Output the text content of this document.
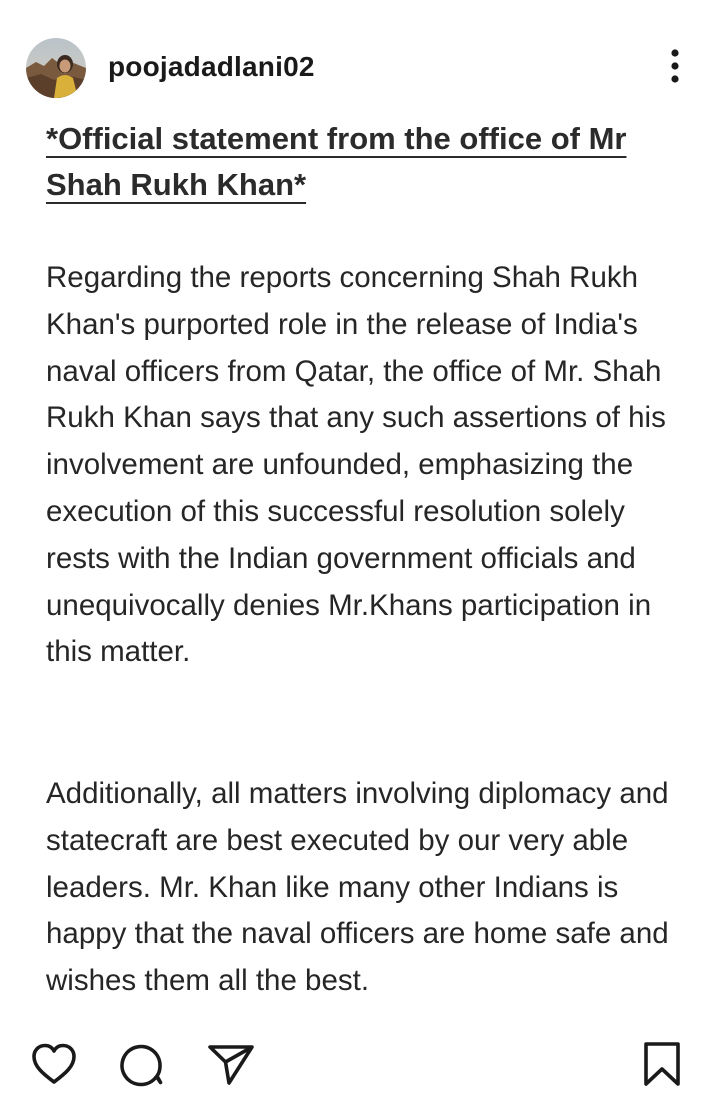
poojadadlani02
*Official statement from the office of Mr Shah Rukh Khan*
Regarding the reports concerning Shah Rukh Khan's purported role in the release of India's naval officers from Qatar, the office of Mr. Shah Rukh Khan says that any such assertions of his involvement are unfounded, emphasizing the execution of this successful resolution solely rests with the Indian government officials and unequivocally denies Mr.Khans participation in this matter.
Additionally, all matters involving diplomacy and statecraft are best executed by our very able leaders. Mr. Khan like many other Indians is happy that the naval officers are home safe and wishes them all the best.
